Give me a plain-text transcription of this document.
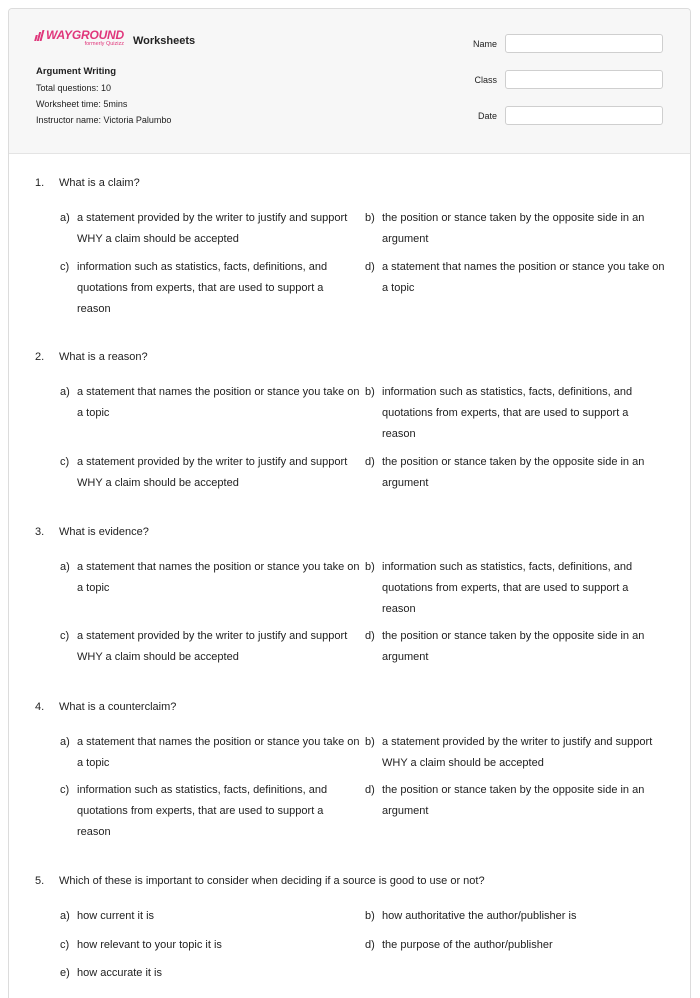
WAYGROUND
formerly Quizizz Worksheets
Argument Writing
Total questions: 10
Worksheet time: 5mins
Instructor name: Victoria Palumbo
Name
Class
Date
1. What is a claim?
a) a statement provided by the writer to justify and support WHY a claim should be accepted
b) the position or stance taken by the opposite side in an argument
c) information such as statistics, facts, definitions, and quotations from experts, that are used to support a reason
d) a statement that names the position or stance you take on a topic
2. What is a reason?
a) a statement that names the position or stance you take on a topic
b) information such as statistics, facts, definitions, and quotations from experts, that are used to support a reason
c) a statement provided by the writer to justify and support WHY a claim should be accepted
d) the position or stance taken by the opposite side in an argument
3. What is evidence?
a) a statement that names the position or stance you take on a topic
b) information such as statistics, facts, definitions, and quotations from experts, that are used to support a reason
c) a statement provided by the writer to justify and support WHY a claim should be accepted
d) the position or stance taken by the opposite side in an argument
4. What is a counterclaim?
a) a statement that names the position or stance you take on a topic
b) a statement provided by the writer to justify and support WHY a claim should be accepted
c) information such as statistics, facts, definitions, and quotations from experts, that are used to support a reason
d) the position or stance taken by the opposite side in an argument
5. Which of these is important to consider when deciding if a source is good to use or not?
a) how current it is	b) how authoritative the author/publisher is
c) how relevant to your topic it is	d) the purpose of the author/publisher
e) how accurate it is
